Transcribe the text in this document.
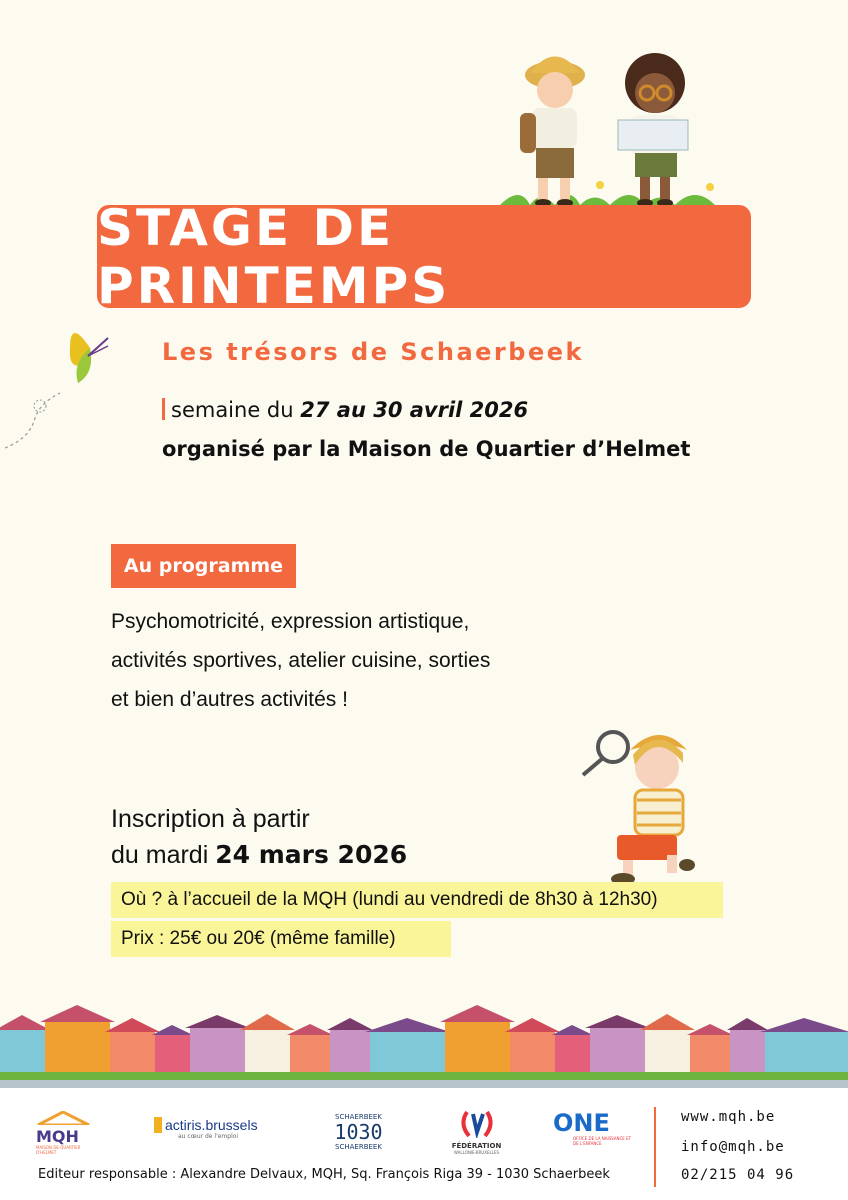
STAGE DE PRINTEMPS
Les trésors de Schaerbeek
semaine du 27 au 30 avril 2026
organisé par la Maison de Quartier d’Helmet
Au programme
Psychomotricité, expression artistique,
activités sportives, atelier cuisine, sorties
et bien d’autres activités !
Inscription à partir
du mardi 24 mars 2026
Où ? à l’accueil de la MQH (lundi au vendredi de 8h30 à 12h30)
Prix : 25€ ou 20€ (même famille)
MQH
MAISON DE QUARTIER D'HELMET
actiris.brussels
au cœur de l'emploi
SCHAERBEEK
1030
SCHAERBEEK	FÉDÉRATION
WALLONIE-BRUXELLES
ONE
OFFICE DE LA NAISSANCE ET DE L'ENFANCE
www.mqh.be
info@mqh.be
02/215 04 96
Editeur responsable : Alexandre Delvaux, MQH, Sq. François Riga 39 - 1030 Schaerbeek
